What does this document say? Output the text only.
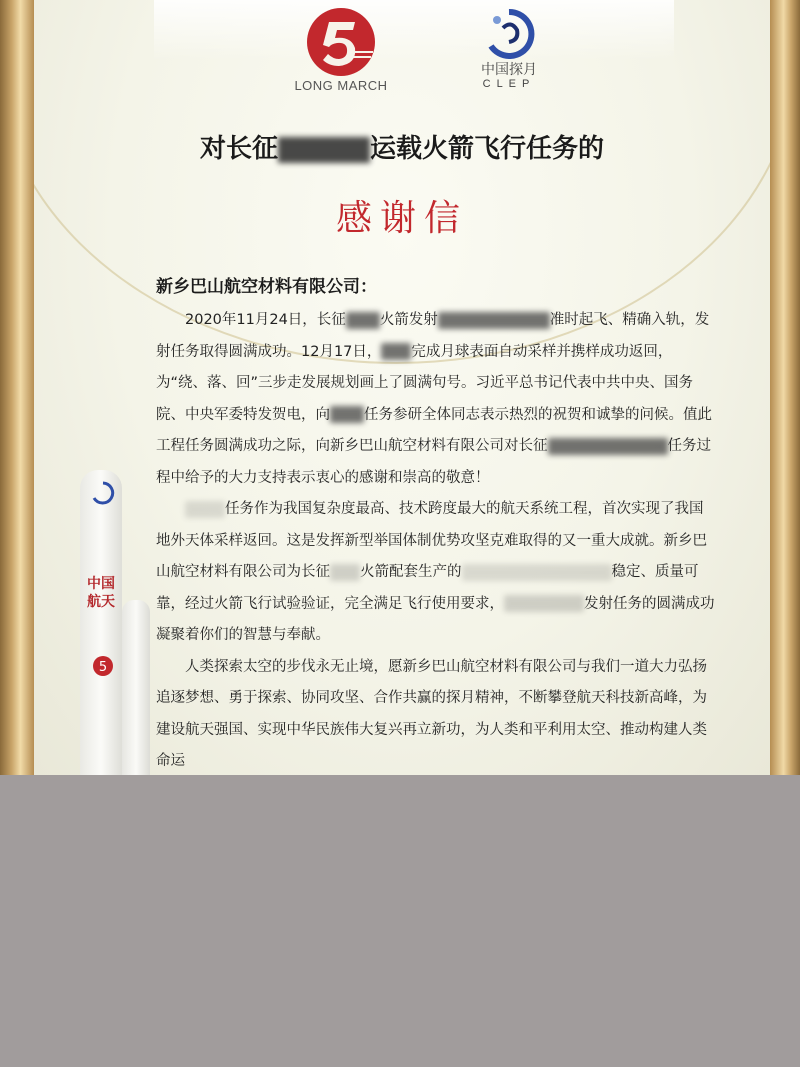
LONG MARCH
中国探月
CLEP
对长征	运载火箭飞行任务的
感谢信
新乡巴山航空材料有限公司：

2020年11月24日，长征 火箭发射	准时起飞、精确入轨，发射任务取得圆满成功。12月17日， 完成月球表面自动采样并携样成功返回，为“绕、落、回”三步走发展规划画上了圆满句号。习近平总书记代表中共中央、国务院、中央军委特发贺电，向 任务参研全体同志表示热烈的祝贺和诚挚的问候。值此工程任务圆满成功之际，向新乡巴山航空材料有限公司对长征	任务过程中给予的大力支持表示衷心的感谢和崇高的敬意！

任务作为我国复杂度最高、技术跨度最大的航天系统工程，首次实现了我国地外天体采样返回。这是发挥新型举国体制优势攻坚克难取得的又一重大成就。新乡巴山航空材料有限公司为长征 火箭配套生产的	稳定、质量可靠，经过火箭飞行试验验证，完全满足飞行使用要求，	发射任务的圆满成功凝聚着你们的智慧与奉献。

人类探索太空的步伐永无止境，愿新乡巴山航空材料有限公司与我们一道大力弘扬追逐梦想、勇于探索、协同攻坚、合作共赢的探月精神，不断攀登航天科技新高峰，为建设航天强国、实现中华民族伟大复兴再立新功，为人类和平利用太空、推动构建人类命运

中国航天
5
